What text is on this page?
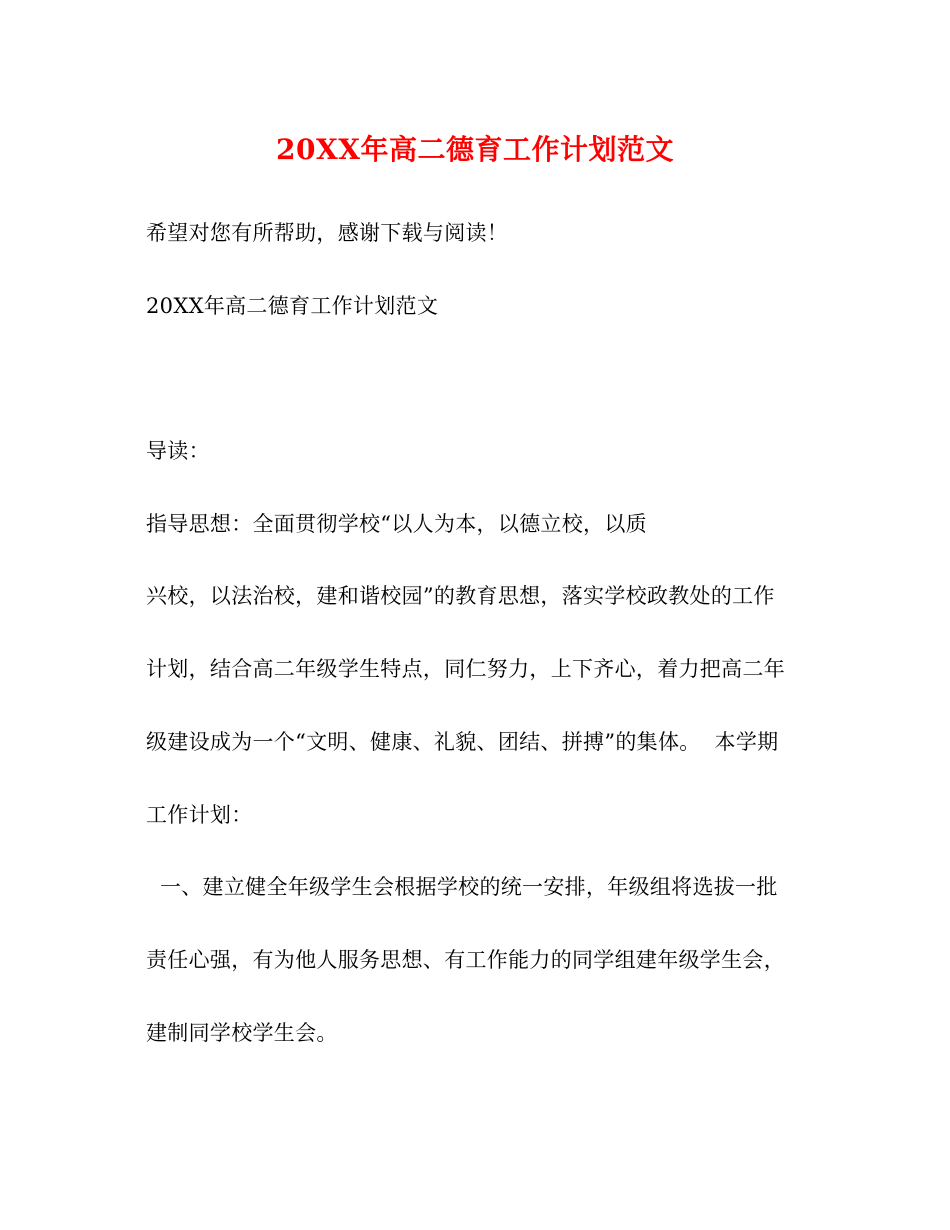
20XX年高二德育工作计划范文
希望对您有所帮助，感谢下载与阅读！
20XX年高二德育工作计划范文
导读：
指导思想：全面贯彻学校“以人为本，以德立校，以质
兴校，以法治校，建和谐校园”的教育思想，落实学校政教处的工作
计划，结合高二年级学生特点，同仁努力，上下齐心，着力把高二年
级建设成为一个“文明、健康、礼貌、团结、拼搏”的集体。  本学期
工作计划：
一、建立健全年级学生会根据学校的统一安排，年级组将选拔一批
责任心强，有为他人服务思想、有工作能力的同学组建年级学生会，
建制同学校学生会。
